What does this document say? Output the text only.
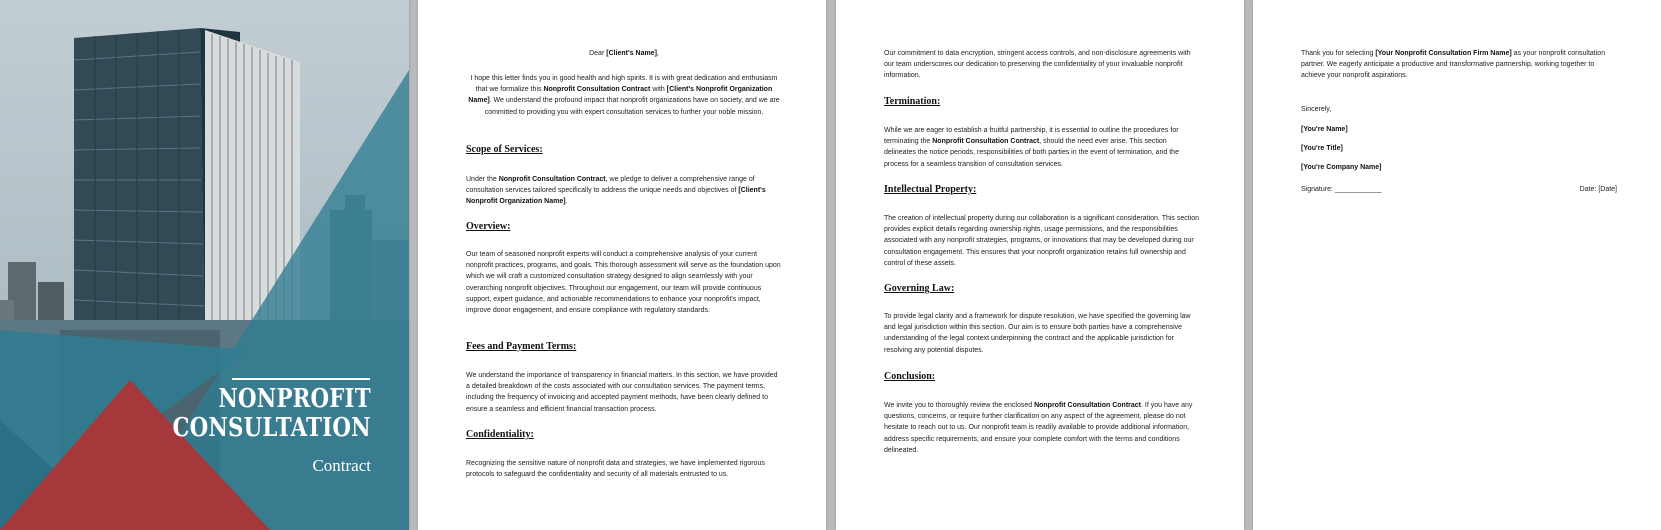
NONPROFIT
CONSULTATION
Contract

Dear [Client's Name],

I hope this letter finds you in good health and high spirits. It is with great dedication and enthusiasm that we formalize this Nonprofit Consultation Contract with [Client's Nonprofit Organization Name]. We understand the profound impact that nonprofit organizations have on society, and we are committed to providing you with expert consultation services to further your noble mission.

Scope of Services:

Under the Nonprofit Consultation Contract, we pledge to deliver a comprehensive range of consultation services tailored specifically to address the unique needs and objectives of [Client's Nonprofit Organization Name].

Overview:

Our team of seasoned nonprofit experts will conduct a comprehensive analysis of your current nonprofit practices, programs, and goals. This thorough assessment will serve as the foundation upon which we will craft a customized consultation strategy designed to align seamlessly with your overarching nonprofit objectives. Throughout our engagement, our team will provide continuous support, expert guidance, and actionable recommendations to enhance your nonprofit's impact, improve donor engagement, and ensure compliance with regulatory standards.

Fees and Payment Terms:

We understand the importance of transparency in financial matters. In this section, we have provided a detailed breakdown of the costs associated with our consultation services. The payment terms, including the frequency of invoicing and accepted payment methods, have been clearly defined to ensure a seamless and efficient financial transaction process.

Confidentiality:

Recognizing the sensitive nature of nonprofit data and strategies, we have implemented rigorous protocols to safeguard the confidentiality and security of all materials entrusted to us.

Our commitment to data encryption, stringent access controls, and non-disclosure agreements with our team underscores our dedication to preserving the confidentiality of your invaluable nonprofit information.

Termination:

While we are eager to establish a fruitful partnership, it is essential to outline the procedures for terminating the Nonprofit Consultation Contract, should the need ever arise. This section delineates the notice periods, responsibilities of both parties in the event of termination, and the process for a seamless transition of consultation services.

Intellectual Property:

The creation of intellectual property during our collaboration is a significant consideration. This section provides explicit details regarding ownership rights, usage permissions, and the responsibilities associated with any nonprofit strategies, programs, or innovations that may be developed during our consultation engagement. This ensures that your nonprofit organization retains full ownership and control of these assets.

Governing Law:

To provide legal clarity and a framework for dispute resolution, we have specified the governing law and legal jurisdiction within this section. Our aim is to ensure both parties have a comprehensive understanding of the legal context underpinning the contract and the applicable jurisdiction for resolving any potential disputes.

Conclusion:

We invite you to thoroughly review the enclosed Nonprofit Consultation Contract. If you have any questions, concerns, or require further clarification on any aspect of the agreement, please do not hesitate to reach out to us. Our nonprofit team is readily available to provide additional information, address specific requirements, and ensure your complete comfort with the terms and conditions delineated.

Thank you for selecting [Your Nonprofit Consultation Firm Name] as your nonprofit consultation partner. We eagerly anticipate a productive and transformative partnership, working together to achieve your nonprofit aspirations.

Sincerely,

[You're Name]

[You're Title]

[You're Company Name]

Signature: ____________	Date: [Date]
